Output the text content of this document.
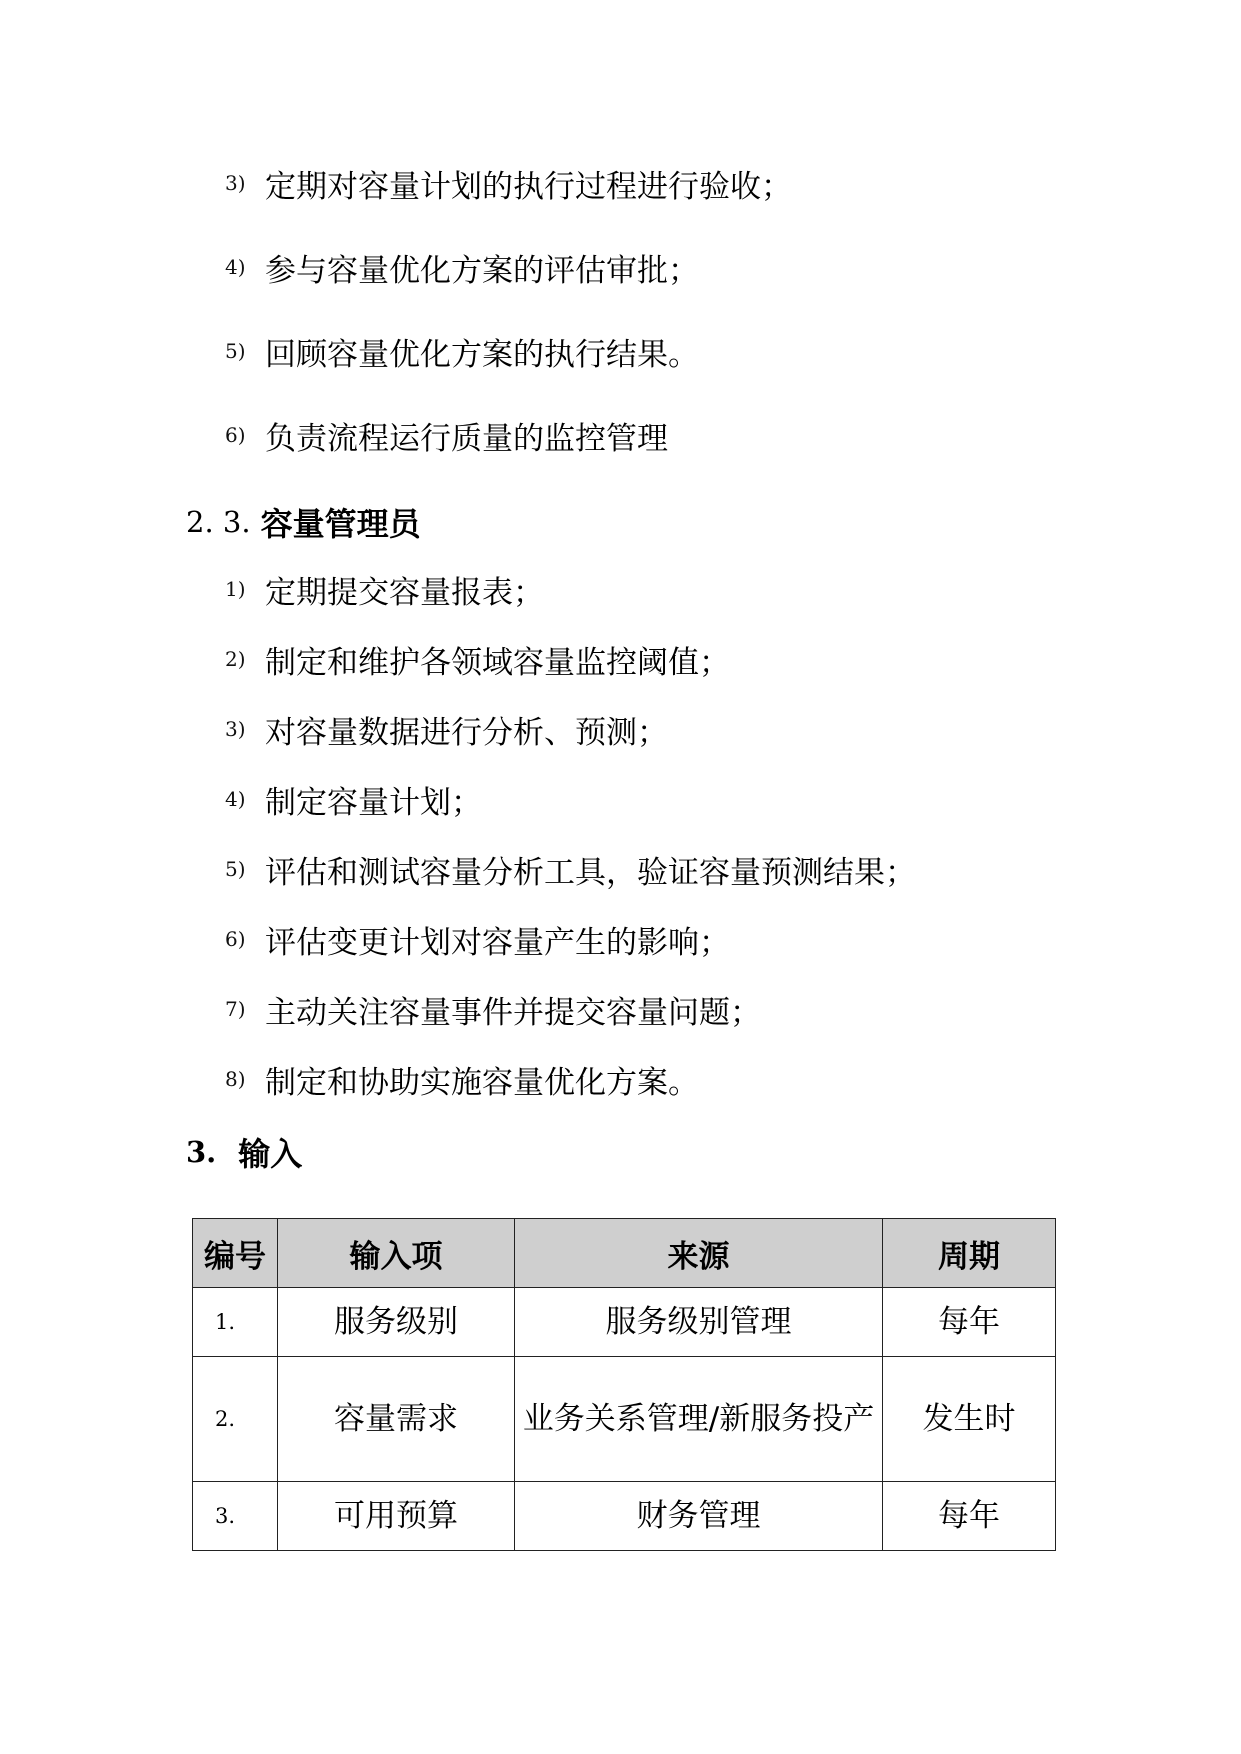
3) 定期对容量计划的执行过程进行验收；
4) 参与容量优化方案的评估审批；
5) 回顾容量优化方案的执行结果。
6) 负责流程运行质量的监控管理
2. 3. 容量管理员
1) 定期提交容量报表；
2) 制定和维护各领域容量监控阈值；
3) 对容量数据进行分析、预测；
4) 制定容量计划；
5) 评估和测试容量分析工具，验证容量预测结果；
6) 评估变更计划对容量产生的影响；
7) 主动关注容量事件并提交容量问题；
8) 制定和协助实施容量优化方案。
3. 输入
编号	输入项	来源	周期
1.	服务级别	服务级别管理	每年
2.	容量需求	业务关系管理/新服务投产	发生时
3.	可用预算	财务管理	每年
